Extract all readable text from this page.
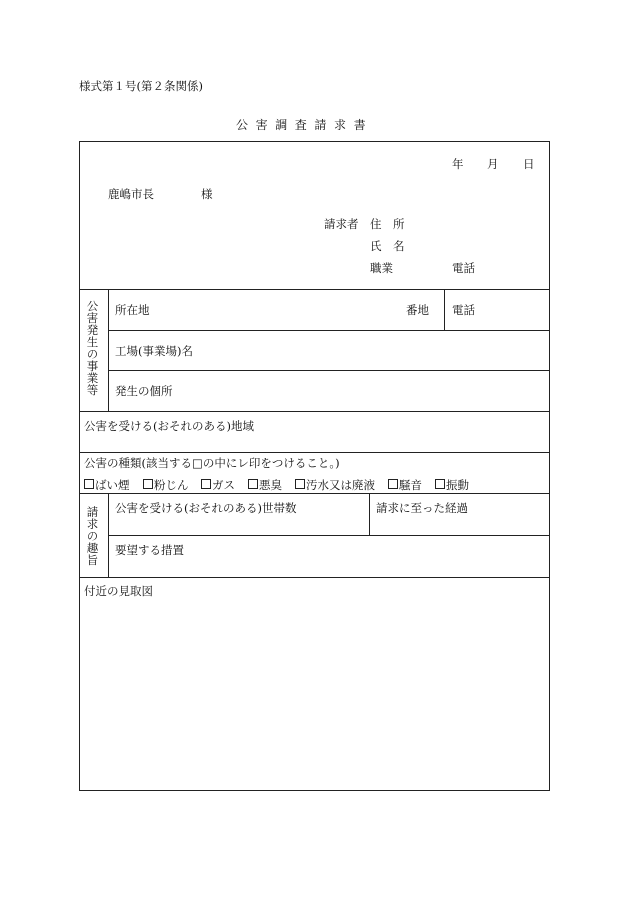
様式第１号(第２条関係)
公害調査請求書
年 月 日
鹿嶋市長	様
請求者 住　所
氏　名
職業	電話
公害発生の事業等 所在地	番地 電話
工場(事業場)名
発生の個所
公害を受ける(おそれのある)地域
公害の種類(該当する□の中にレ印をつけること。)
ばい煙	粉じん	ガス	悪臭	汚水又は廃液	騒音	振動
請求の趣旨 公害を受ける(おそれのある)世帯数	請求に至った経過
要望する措置
付近の見取図
